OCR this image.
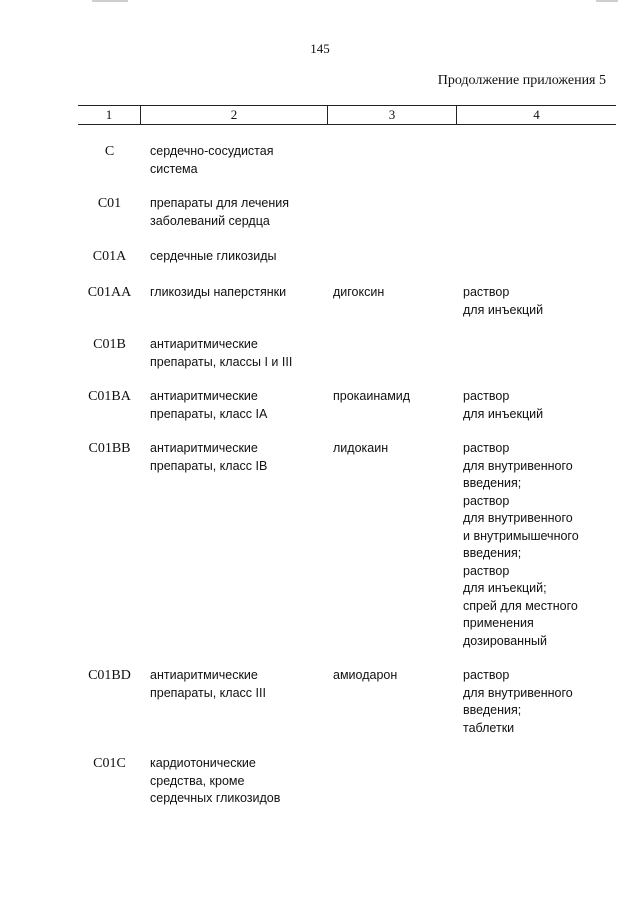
145
Продолжение приложения 5
1	2	3	4
C	сердечно-сосудистая
система
C01	препараты для лечения
заболеваний сердца
C01A	сердечные гликозиды
C01AA	гликозиды наперстянки	дигоксин	раствор
для инъекций
C01B	антиаритмические
препараты, классы I и III
C01BA	антиаритмические
препараты, класс IA
прокаинамид	раствор
для инъекций
C01BB	антиаритмические
препараты, класс IB
лидокаин	раствор
для внутривенного
введения;
раствор
для внутривенного
и внутримышечного
введения;
раствор
для инъекций;
спрей для местного
применения
дозированный
C01BD	антиаритмические
препараты, класс III
амиодарон	раствор
для внутривенного
введения;
таблетки
C01C	кардиотонические
средства, кроме
сердечных гликозидов
